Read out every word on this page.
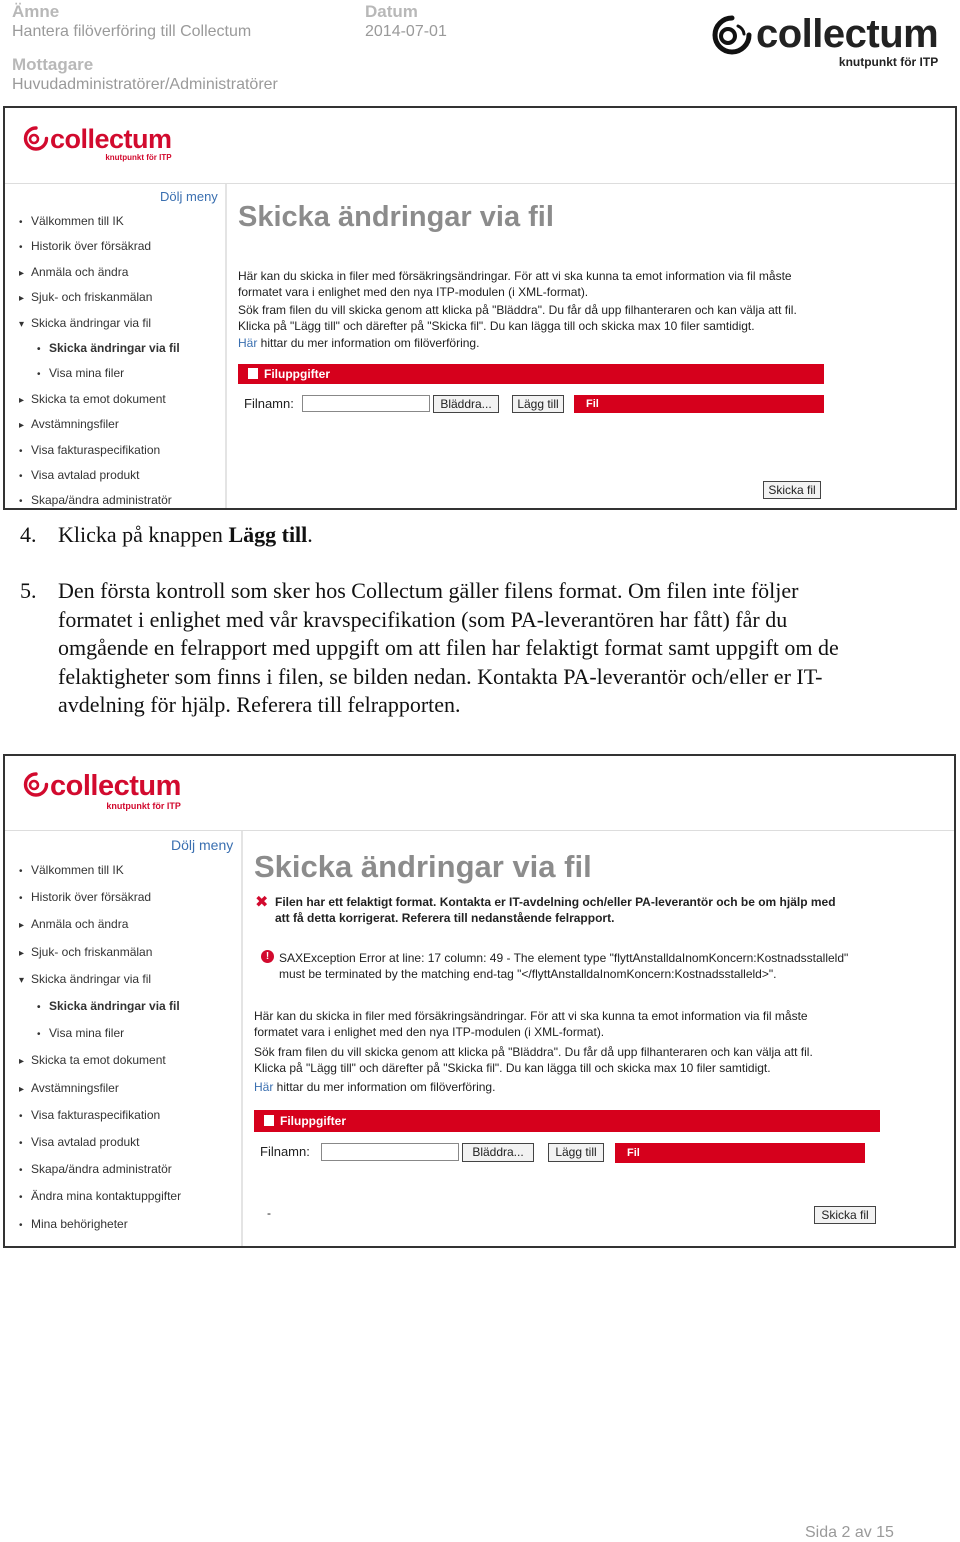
Ämne
Hantera filöverföring till Collectum
Datum
2014-07-01
Mottagare
Huvudadministratörer/Administratörer
collectum
knutpunkt för ITP
collectum
knutpunkt för ITP
Dölj meny
• Välkommen till IK
• Historik över försäkrad
▸ Anmäla och ändra
▸ Sjuk- och friskanmälan
▾ Skicka ändringar via fil
• Skicka ändringar via fil
• Visa mina filer
▸ Skicka ta emot dokument
▸ Avstämningsfiler
• Visa fakturaspecifikation
• Visa avtalad produkt
• Skapa/ändra administratör
Skicka ändringar via fil
Här kan du skicka in filer med försäkringsändringar. För att vi ska kunna ta emot information via fil måste
formatet vara i enlighet med den nya ITP-modulen (i XML-format).
Sök fram filen du vill skicka genom att klicka på "Bläddra". Du får då upp filhanteraren och kan välja att fil.
Klicka på "Lägg till" och därefter på "Skicka fil". Du kan lägga till och skicka max 10 filer samtidigt.
Här hittar du mer information om filöverföring.
Filuppgifter
Filnamn:	Bläddra...	Lägg till	Fil
Skicka fil
4. Klicka på knappen Lägg till.
5. Den första kontroll som sker hos Collectum gäller filens format. Om filen inte följer
formatet i enlighet med vår kravspecifikation (som PA-leverantören har fått) får du
omgående en felrapport med uppgift om att filen har felaktigt format samt uppgift om de
felaktigheter som finns i filen, se bilden nedan. Kontakta PA-leverantör och/eller er IT-
avdelning för hjälp. Referera till felrapporten.
collectum
knutpunkt för ITP
Dölj meny
• Välkommen till IK
• Historik över försäkrad
▸ Anmäla och ändra
▸ Sjuk- och friskanmälan
▾ Skicka ändringar via fil
• Skicka ändringar via fil
• Visa mina filer
▸ Skicka ta emot dokument
▸ Avstämningsfiler
• Visa fakturaspecifikation
• Visa avtalad produkt
• Skapa/ändra administratör
• Ändra mina kontaktuppgifter
• Mina behörigheter
Skicka ändringar via fil
✖ Filen har ett felaktigt format. Kontakta er IT-avdelning och/eller PA-leverantör och be om hjälp med
att få detta korrigerat. Referera till nedanstående felrapport.
! SAXException Error at line: 17 column: 49 - The element type "flyttAnstalldaInomKoncern:Kostnadsstalleld"
must be terminated by the matching end-tag "</flyttAnstalldaInomKoncern:Kostnadsstalleld>".
Här kan du skicka in filer med försäkringsändringar. För att vi ska kunna ta emot information via fil måste
formatet vara i enlighet med den nya ITP-modulen (i XML-format).
Sök fram filen du vill skicka genom att klicka på "Bläddra". Du får då upp filhanteraren och kan välja att fil.
Klicka på "Lägg till" och därefter på "Skicka fil". Du kan lägga till och skicka max 10 filer samtidigt.
Här hittar du mer information om filöverföring.
Filuppgifter
Filnamn:	Bläddra...	Lägg till	Fil
-	Skicka fil
Sida 2 av 15
